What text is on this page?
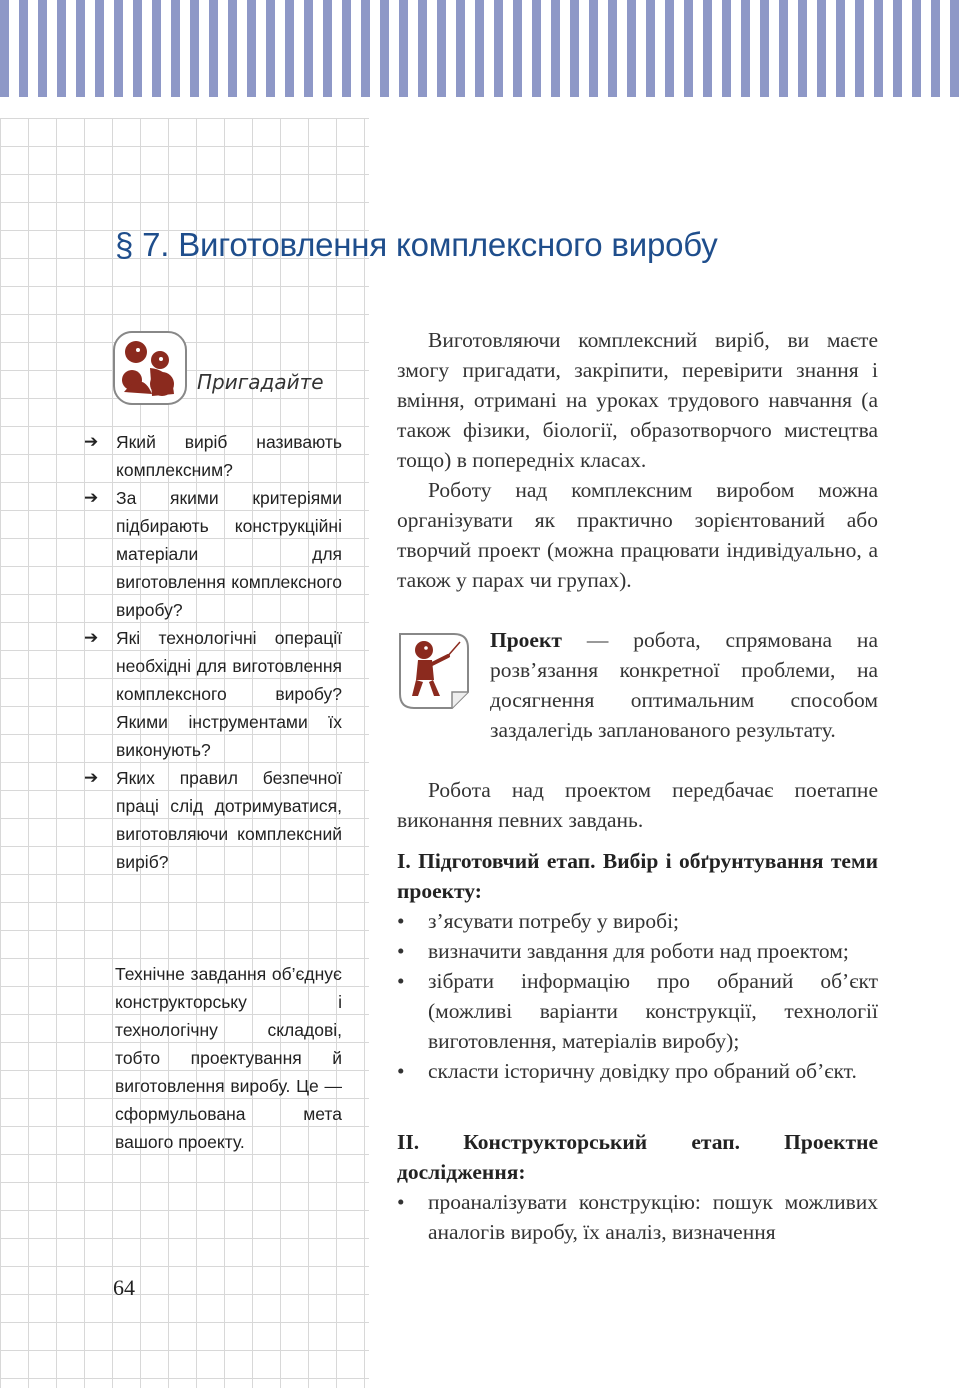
§ 7. Виготовлення комплексного виробу
Пригадайте
➔ Який виріб називають комплексним?
➔ За якими критеріями підбирають конструкційні матеріали для виготовлення комплексного виробу?
➔ Які технологічні операції необхідні для виготовлення комплексного виробу? Якими інструментами їх виконують?
➔ Яких правил безпечної праці слід дотримуватися, виготовляючи комплексний виріб?

Технічне завдання об’єднує конструкторську і технологічну складові, тобто проектування й виготовлення виробу. Це — сформульована мета вашого проекту.

64

Виготовляючи комплексний виріб, ви маєте змогу пригадати, закріпити, перевірити знання і вміння, отримані на уроках трудового навчання (а також фізики, біології, образотворчого мистецтва тощо) в попередніх класах.

Роботу над комплексним виробом можна організувати як практично зорієнтований або творчий проект (можна працювати індивідуально, а також у парах чи групах).

Проект — робота, спрямована на розв’язання конкретної проблеми, на досягнення оптимальним способом заздалегідь запланованого результату.

Робота над проектом передбачає поетапне виконання певних завдань.

І. Підготовчий етап. Вибір і обґрунтування теми проекту:

• з’ясувати потребу у виробі;
• визначити завдання для роботи над проектом;
• зібрати інформацію про обраний об’єкт (можливі варіанти конструкції, технології виготовлення, матеріалів виробу);
• скласти історичну довідку про обраний об’єкт.

ІІ. Конструкторський етап. Проектне дослідження:

• проаналізувати конструкцію: пошук можливих аналогів виробу, їх аналіз, визначення
